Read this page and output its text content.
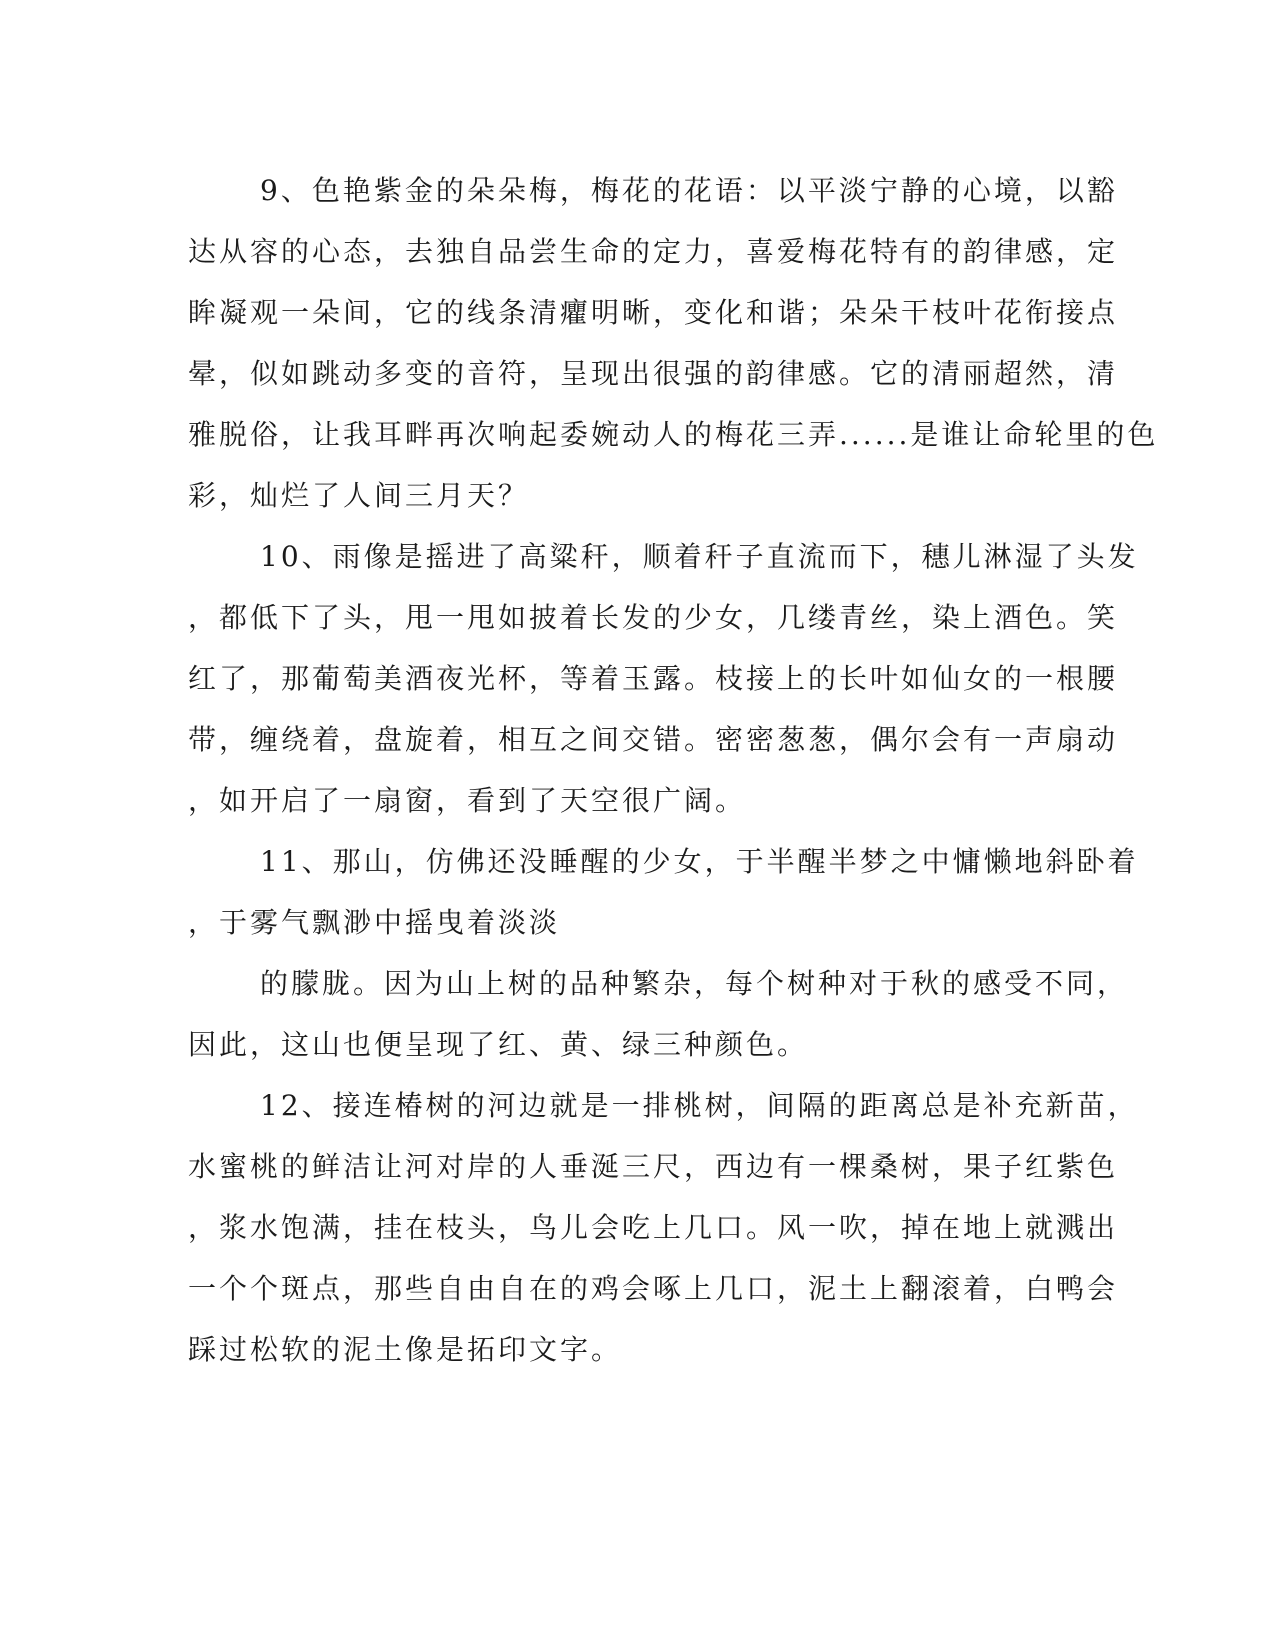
9、色艳紫金的朵朵梅，梅花的花语：以平淡宁静的心境，以豁
达从容的心态，去独自品尝生命的定力，喜爱梅花特有的韵律感，定
眸凝观一朵间，它的线条清癯明晰，变化和谐；朵朵干枝叶花衔接点
晕，似如跳动多变的音符，呈现出很强的韵律感。它的清丽超然，清
雅脱俗，让我耳畔再次响起委婉动人的梅花三弄......是谁让命轮里的色
彩，灿烂了人间三月天？
10、雨像是摇进了高粱秆，顺着秆子直流而下，穗儿淋湿了头发
，都低下了头，甩一甩如披着长发的少女，几缕青丝，染上酒色。笑
红了，那葡萄美酒夜光杯，等着玉露。枝接上的长叶如仙女的一根腰
带，缠绕着，盘旋着，相互之间交错。密密葱葱，偶尔会有一声扇动
，如开启了一扇窗，看到了天空很广阔。
11、那山，仿佛还没睡醒的少女，于半醒半梦之中慵懒地斜卧着
，于雾气飘渺中摇曳着淡淡
的朦胧。因为山上树的品种繁杂，每个树种对于秋的感受不同，
因此，这山也便呈现了红、黄、绿三种颜色。
12、接连椿树的河边就是一排桃树，间隔的距离总是补充新苗，
水蜜桃的鲜洁让河对岸的人垂涎三尺，西边有一棵桑树，果子红紫色
，浆水饱满，挂在枝头，鸟儿会吃上几口。风一吹，掉在地上就溅出
一个个斑点，那些自由自在的鸡会啄上几口，泥土上翻滚着，白鸭会
踩过松软的泥土像是拓印文字。
